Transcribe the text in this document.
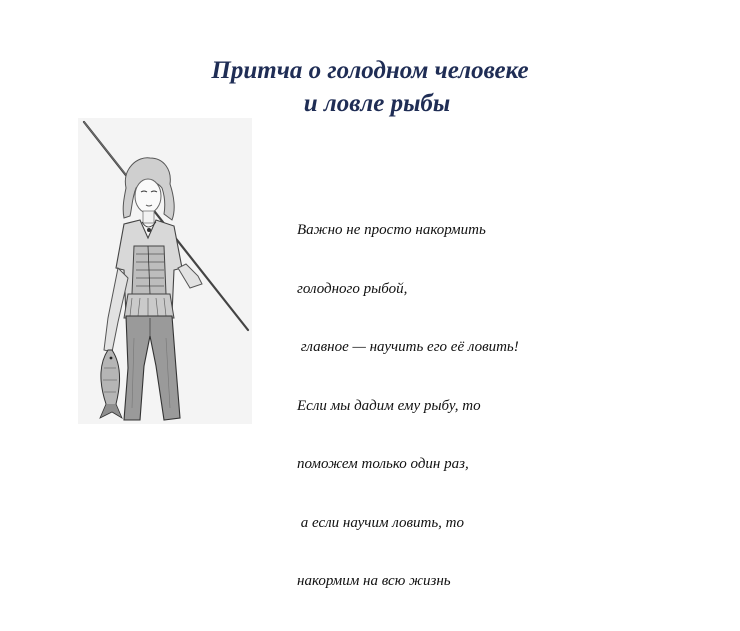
Притча о голодном человеке
и ловле рыбы

Важно не просто накормить

голодного рыбой,

главное — научить его её ловить!

Если мы дадим ему рыбу, то

поможем только один раз,

а если научим ловить, то

накормим на всю жизнь
